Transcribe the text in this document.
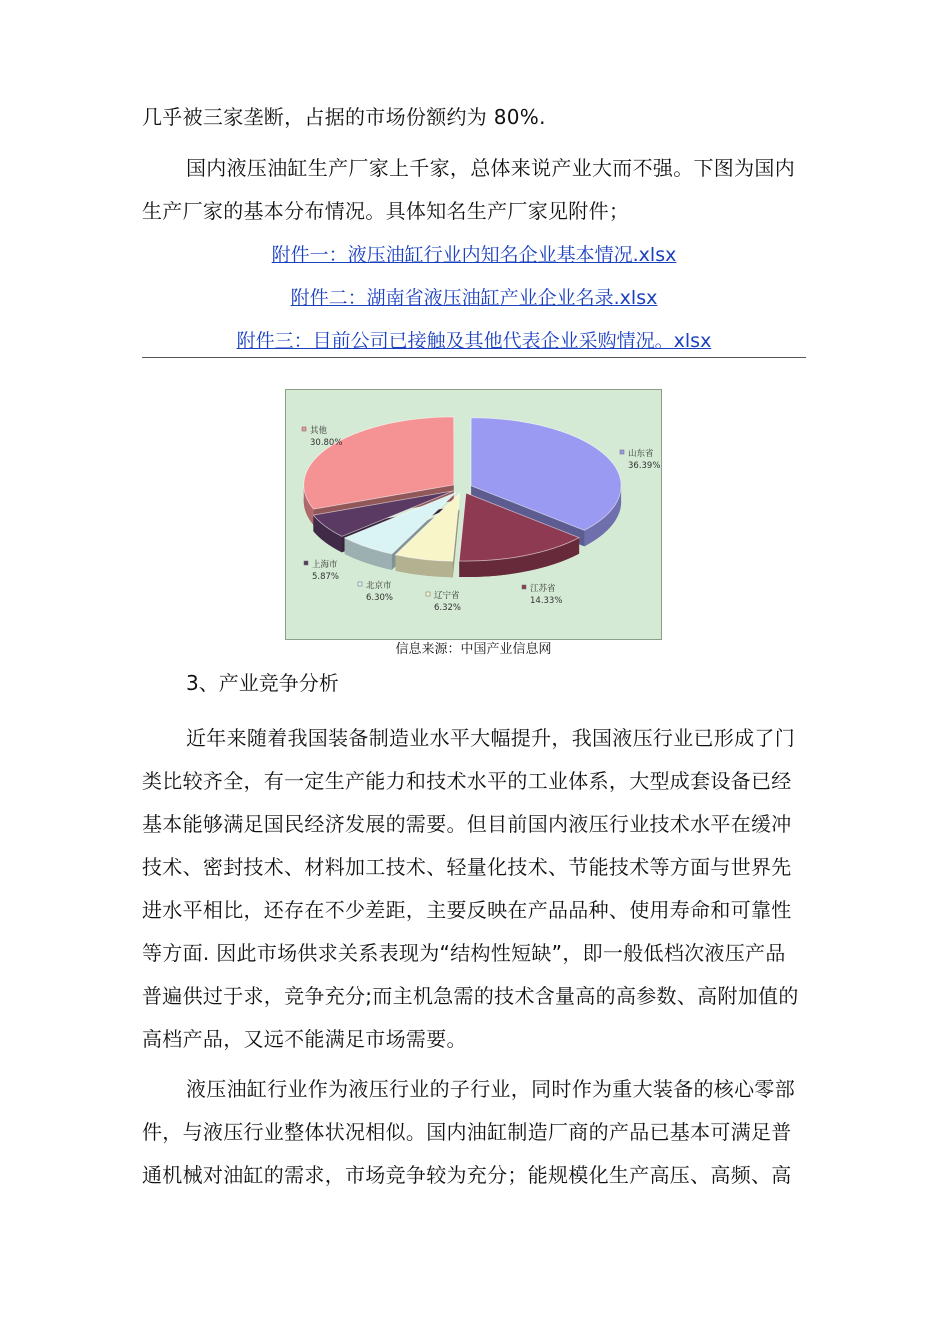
几乎被三家垄断，占据的市场份额约为 80%.

国内液压油缸生产厂家上千家，总体来说产业大而不强。下图为国内生产厂家的基本分布情况。具体知名生产厂家见附件；

附件一：液压油缸行业内知名企业基本情况.xlsx
附件二：湖南省液压油缸产业企业名录.xlsx
附件三：目前公司已接触及其他代表企业采购情况。xlsx
山东省
36.39%
江苏省
14.33%
辽宁省
6.32%
北京市
6.30%
上海市
5.87%
其他
30.80%
信息来源：中国产业信息网
3、产业竞争分析

近年来随着我国装备制造业水平大幅提升，我国液压行业已形成了门类比较齐全，有一定生产能力和技术水平的工业体系，大型成套设备已经基本能够满足国民经济发展的需要。但目前国内液压行业技术水平在缓冲技术、密封技术、材料加工技术、轻量化技术、节能技术等方面与世界先进水平相比，还存在不少差距，主要反映在产品品种、使用寿命和可靠性等方面. 因此市场供求关系表现为“结构性短缺”，即一般低档次液压产品普遍供过于求，竞争充分;而主机急需的技术含量高的高参数、高附加值的高档产品，又远不能满足市场需要。

液压油缸行业作为液压行业的子行业，同时作为重大装备的核心零部件，与液压行业整体状况相似。国内油缸制造厂商的产品已基本可满足普通机械对油缸的需求，市场竞争较为充分；能规模化生产高压、高频、高
